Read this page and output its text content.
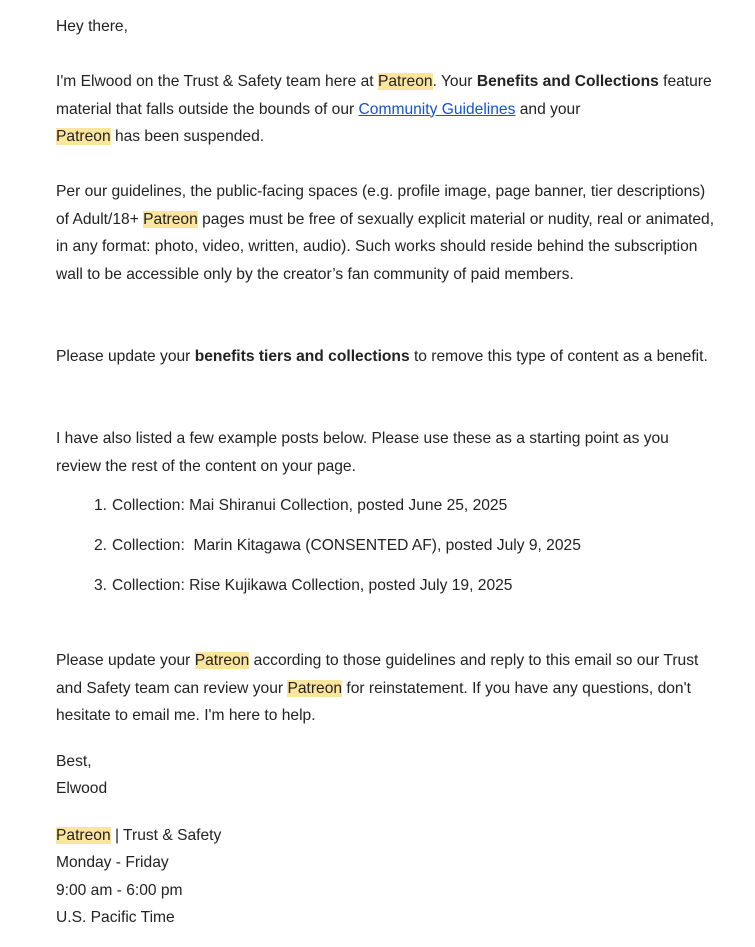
Hey there,

I'm Elwood on the Trust & Safety team here at Patreon. Your Benefits and Collections feature material that falls outside the bounds of our Community Guidelines and your
Patreon has been suspended.

Per our guidelines, the public-facing spaces (e.g. profile image, page banner, tier descriptions) of Adult/18+ Patreon pages must be free of sexually explicit material or nudity, real or animated, in any format: photo, video, written, audio). Such works should reside behind the subscription wall to be accessible only by the creator’s fan community of paid members.

Please update your benefits tiers and collections to remove this type of content as a benefit.

I have also listed a few example posts below. Please use these as a starting point as you review the rest of the content on your page.

1. Collection: Mai Shiranui Collection, posted June 25, 2025
2. Collection:  Marin Kitagawa (CONSENTED AF), posted July 9, 2025
3. Collection: Rise Kujikawa Collection, posted July 19, 2025

Please update your Patreon according to those guidelines and reply to this email so our Trust and Safety team can review your Patreon for reinstatement. If you have any questions, don't hesitate to email me. I'm here to help.

Best,
Elwood
Patreon | Trust & Safety
Monday - Friday
9:00 am - 6:00 pm
U.S. Pacific Time
